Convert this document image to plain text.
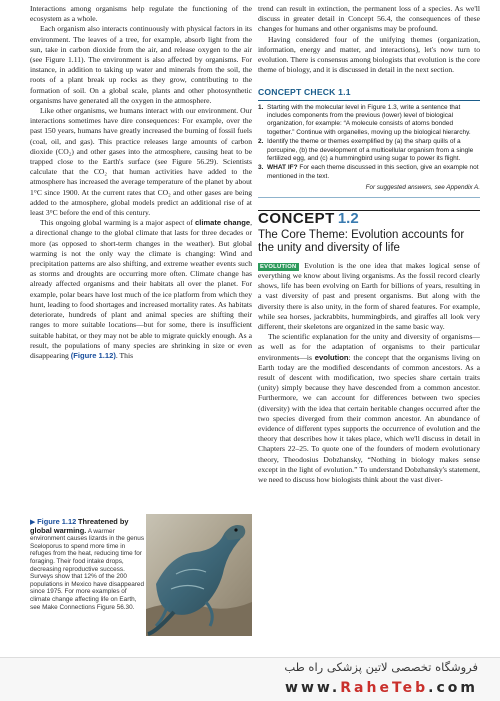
Interactions among organisms help regulate the functioning of the ecosystem as a whole.

Each organism also interacts continuously with physical factors in its environment. The leaves of a tree, for example, absorb light from the sun, take in carbon dioxide from the air, and release oxygen to the air (see Figure 1.11). The environment is also affected by organisms. For instance, in addition to taking up water and minerals from the soil, the roots of a plant break up rocks as they grow, contributing to the formation of soil. On a global scale, plants and other photosynthetic organisms have generated all the oxygen in the atmosphere.

Like other organisms, we humans interact with our environment. Our interactions sometimes have dire consequences: For example, over the past 150 years, humans have greatly increased the burning of fossil fuels (coal, oil, and gas). This practice releases large amounts of carbon dioxide (CO₂) and other gases into the atmosphere, causing heat to be trapped close to the Earth's surface (see Figure 56.29). Scientists calculate that the CO₂ that human activities have added to the atmosphere has increased the average temperature of the planet by about 1°C since 1900. At the current rates that CO₂ and other gases are being added to the atmosphere, global models predict an additional rise of at least 3°C before the end of this century.

This ongoing global warming is a major aspect of climate change, a directional change to the global climate that lasts for three decades or more (as opposed to short-term changes in the weather). But global warming is not the only way the climate is changing: Wind and precipitation patterns are also shifting, and extreme weather events such as storms and droughts are occurring more often. Climate change has already affected organisms and their habitats all over the planet. For example, polar bears have lost much of the ice platform from which they hunt, leading to food shortages and increased mortality rates. As habitats deteriorate, hundreds of plant and animal species are shifting their ranges to more suitable locations—but for some, there is insufficient suitable habitat, or they may not be able to migrate quickly enough. As a result, the populations of many species are shrinking in size or even disappearing (Figure 1.12). This

▶ Figure 1.12 Threatened by global warming. A warmer environment causes lizards in the genus Sceloporus to spend more time in refuges from the heat, reducing time for foraging. Their food intake drops, decreasing reproductive success. Surveys show that 12% of the 200 populations in Mexico have disappeared since 1975. For more examples of climate change affecting life on Earth, see Make Connections Figure 56.30.

trend can result in extinction, the permanent loss of a species. As we'll discuss in greater detail in Concept 56.4, the consequences of these changes for humans and other organisms may be profound.

Having considered four of the unifying themes (organization, information, energy and matter, and interactions), let's now turn to evolution. There is consensus among biologists that evolution is the core theme of biology, and it is discussed in detail in the next section.

CONCEPT CHECK 1.1
1. Starting with the molecular level in Figure 1.3, write a sentence that includes components from the previous (lower) level of biological organization, for example: “A molecule consists of atoms bonded together.” Continue with organelles, moving up the biological hierarchy.
2. Identify the theme or themes exemplified by (a) the sharp quills of a porcupine, (b) the development of a multicellular organism from a single fertilized egg, and (c) a hummingbird using sugar to power its flight.
3. WHAT IF? For each theme discussed in this section, give an example not mentioned in the text.
For suggested answers, see Appendix A.
CONCEPT 1.2
The Core Theme: Evolution accounts for the unity and diversity of life

EVOLUTION Evolution is the one idea that makes logical sense of everything we know about living organisms. As the fossil record clearly shows, life has been evolving on Earth for billions of years, resulting in a vast diversity of past and present organisms. But along with the diversity there is also unity, in the form of shared features. For example, while sea horses, jackrabbits, hummingbirds, and giraffes all look very different, their skeletons are organized in the same basic way.

The scientific explanation for the unity and diversity of organisms—as well as for the adaptation of organisms to their particular environments—is evolution: the concept that the organisms living on Earth today are the modified descendants of common ancestors. As a result of descent with modification, two species share certain traits (unity) simply because they have descended from a common ancestor. Furthermore, we can account for differences between two species (diversity) with the idea that certain heritable changes occurred after the two species diverged from their common ancestor. An abundance of evidence of different types supports the occurrence of evolution and the theory that describes how it takes place, which we'll discuss in detail in Chapters 22–25. To quote one of the founders of modern evolutionary theory, Theodosius Dobzhansky, “Nothing in biology makes sense except in the light of evolution.” To understand Dobzhansky's statement, we need to discuss how biologists think about the vast diver-

فروشگاه تخصصی لاتین پزشکی راه طب
www.RaheTeb.com
